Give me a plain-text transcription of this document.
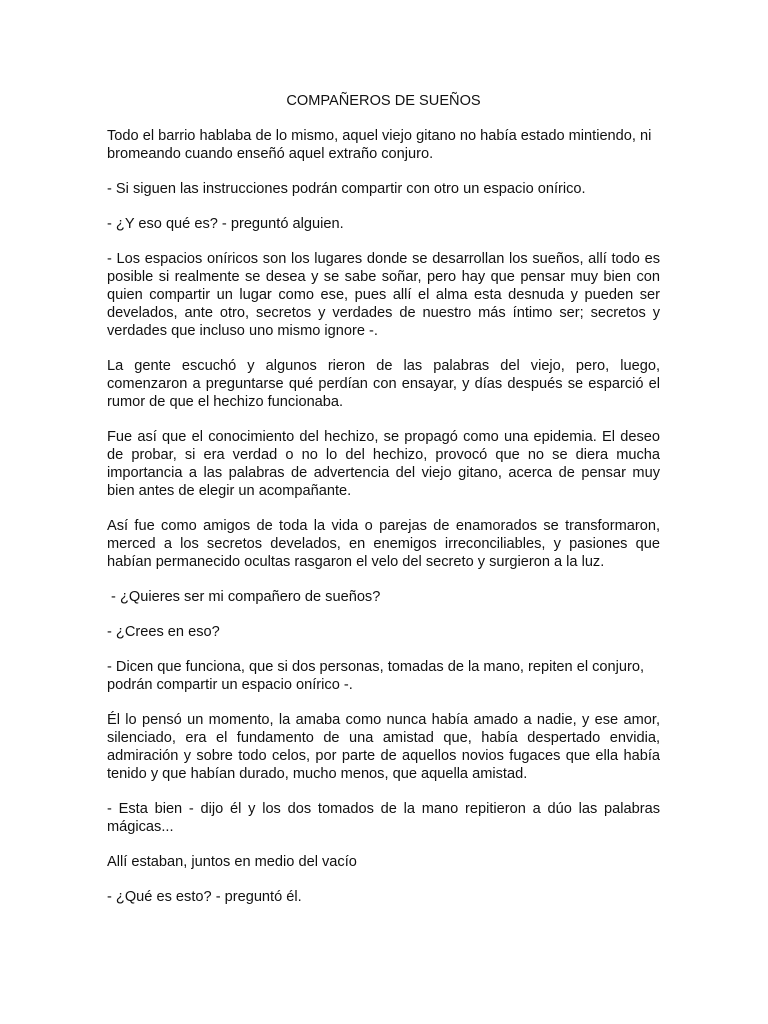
COMPAÑEROS DE SUEÑOS

Todo el barrio hablaba de lo mismo, aquel viejo gitano no había estado mintiendo, ni bromeando cuando enseñó aquel extraño conjuro.

- Si siguen las instrucciones podrán compartir con otro un espacio onírico.

- ¿Y eso qué es? - preguntó alguien.

- Los espacios oníricos son los lugares donde se desarrollan los sueños, allí todo es posible si realmente se desea y se sabe soñar, pero hay que pensar muy bien con quien compartir un lugar como ese, pues allí el alma esta desnuda y pueden ser develados, ante otro, secretos y verdades de nuestro más íntimo ser; secretos y verdades que incluso uno mismo ignore -.

La gente escuchó y algunos rieron de las palabras del viejo, pero, luego, comenzaron a preguntarse qué perdían con ensayar, y días después se esparció el rumor de que el hechizo funcionaba.

Fue así que el conocimiento del hechizo, se propagó como una epidemia. El deseo de probar, si era verdad o no lo del hechizo, provocó que no se diera mucha importancia a las palabras de advertencia del viejo gitano, acerca de pensar muy bien antes de elegir un acompañante.

Así fue como amigos de toda la vida o parejas de enamorados se transformaron, merced a los secretos develados, en enemigos irreconciliables, y pasiones que habían permanecido ocultas rasgaron el velo del secreto y surgieron a la luz.

- ¿Quieres ser mi compañero de sueños?

- ¿Crees en eso?

- Dicen que funciona, que si dos personas, tomadas de la mano, repiten el conjuro, podrán compartir un espacio onírico -.

Él lo pensó un momento, la amaba como nunca había amado a nadie, y ese amor, silenciado, era el fundamento de una amistad que, había despertado envidia, admiración y sobre todo celos, por parte de aquellos novios fugaces que ella había tenido y que habían durado, mucho menos, que aquella amistad.

- Esta bien - dijo él y los dos tomados de la mano repitieron a dúo las palabras mágicas...

Allí estaban, juntos en medio del vacío

- ¿Qué es esto? - preguntó él.
